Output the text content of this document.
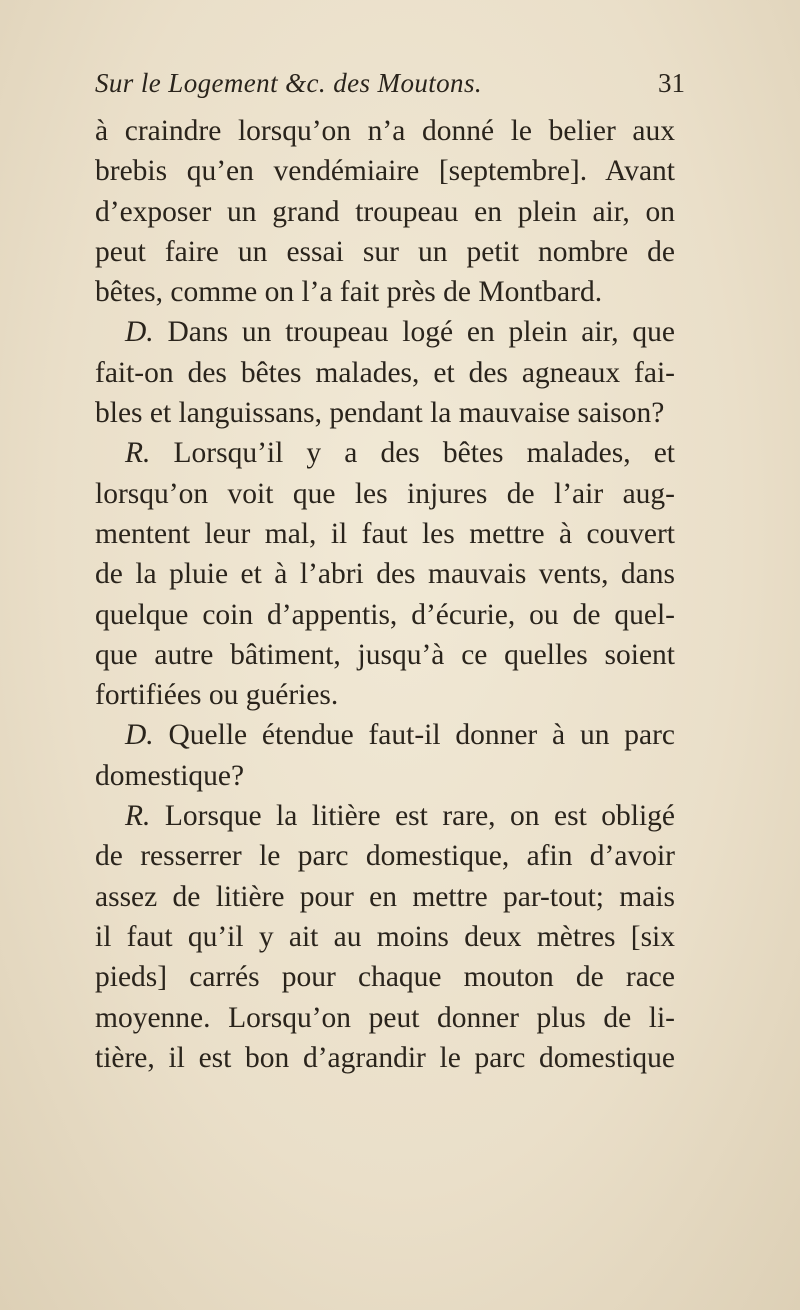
Sur le Logement &c. des Moutons.	31
à craindre lorsqu’on n’a donné le belier aux
brebis qu’en vendémiaire [septembre]. Avant
d’exposer un grand troupeau en plein air, on
peut faire un essai sur un petit nombre de
bêtes, comme on l’a fait près de Montbard.
D. Dans un troupeau logé en plein air, que
fait-on des bêtes malades, et des agneaux fai-
bles et languissans, pendant la mauvaise saison?
R. Lorsqu’il y a des bêtes malades, et
lorsqu’on voit que les injures de l’air aug-
mentent leur mal, il faut les mettre à couvert
de la pluie et à l’abri des mauvais vents, dans
quelque coin d’appentis, d’écurie, ou de quel-
que autre bâtiment, jusqu’à ce quelles soient
fortifiées ou guéries.
D. Quelle étendue faut-il donner à un parc
domestique?
R. Lorsque la litière est rare, on est obligé
de resserrer le parc domestique, afin d’avoir
assez de litière pour en mettre par-tout; mais
il faut qu’il y ait au moins deux mètres [six
pieds] carrés pour chaque mouton de race
moyenne. Lorsqu’on peut donner plus de li-
tière, il est bon d’agrandir le parc domestique
